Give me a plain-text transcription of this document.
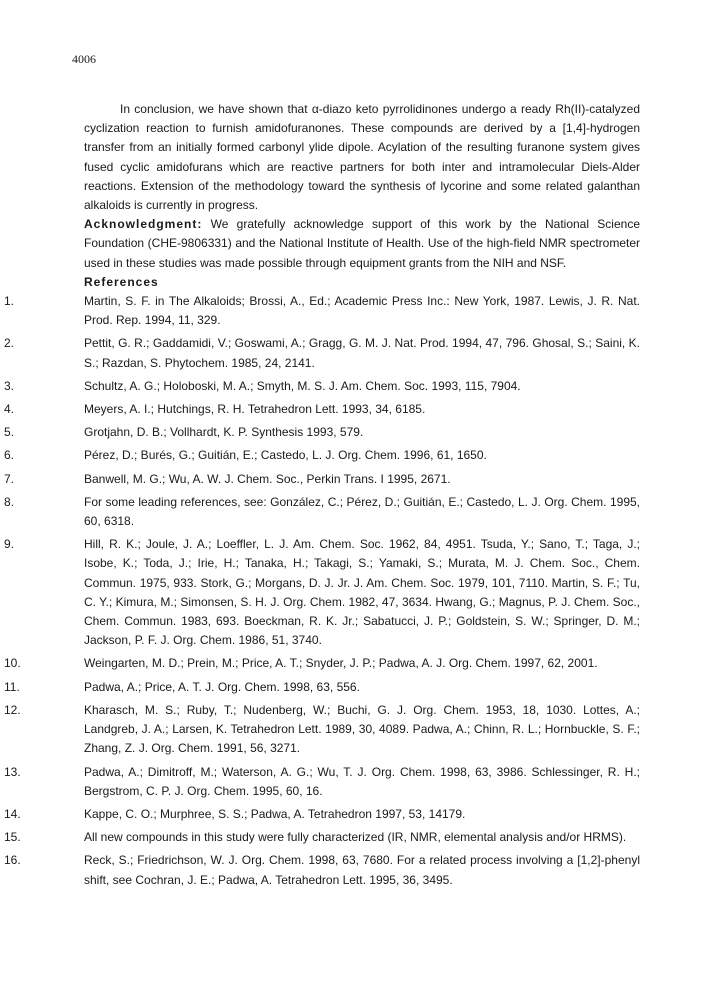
4006

In conclusion, we have shown that α-diazo keto pyrrolidinones undergo a ready Rh(II)-catalyzed cyclization reaction to furnish amidofuranones. These compounds are derived by a [1,4]-hydrogen transfer from an initially formed carbonyl ylide dipole. Acylation of the resulting furanone system gives fused cyclic amidofurans which are reactive partners for both inter and intramolecular Diels-Alder reactions. Extension of the methodology toward the synthesis of lycorine and some related galanthan alkaloids is currently in progress.

Acknowledgment: We gratefully acknowledge support of this work by the National Science Foundation (CHE-9806331) and the National Institute of Health. Use of the high-field NMR spectrometer used in these studies was made possible through equipment grants from the NIH and NSF.

References

1.	Martin, S. F. in The Alkaloids; Brossi, A., Ed.; Academic Press Inc.: New York, 1987. Lewis, J. R. Nat. Prod. Rep. 1994, 11, 329.
2.	Pettit, G. R.; Gaddamidi, V.; Goswami, A.; Gragg, G. M. J. Nat. Prod. 1994, 47, 796. Ghosal, S.; Saini, K. S.; Razdan, S. Phytochem. 1985, 24, 2141.
3.	Schultz, A. G.; Holoboski, M. A.; Smyth, M. S. J. Am. Chem. Soc. 1993, 115, 7904.
4.	Meyers, A. I.; Hutchings, R. H. Tetrahedron Lett. 1993, 34, 6185.
5.	Grotjahn, D. B.; Vollhardt, K. P. Synthesis 1993, 579.
6.	Pérez, D.; Burés, G.; Guitián, E.; Castedo, L. J. Org. Chem. 1996, 61, 1650.
7.	Banwell, M. G.; Wu, A. W. J. Chem. Soc., Perkin Trans. I 1995, 2671.
8.	For some leading references, see: González, C.; Pérez, D.; Guitián, E.; Castedo, L. J. Org. Chem. 1995, 60, 6318.
9.	Hill, R. K.; Joule, J. A.; Loeffler, L. J. Am. Chem. Soc. 1962, 84, 4951. Tsuda, Y.; Sano, T.; Taga, J.; Isobe, K.; Toda, J.; Irie, H.; Tanaka, H.; Takagi, S.; Yamaki, S.; Murata, M. J. Chem. Soc., Chem. Commun. 1975, 933. Stork, G.; Morgans, D. J. Jr. J. Am. Chem. Soc. 1979, 101, 7110. Martin, S. F.; Tu, C. Y.; Kimura, M.; Simonsen, S. H. J. Org. Chem. 1982, 47, 3634. Hwang, G.; Magnus, P. J. Chem. Soc., Chem. Commun. 1983, 693. Boeckman, R. K. Jr.; Sabatucci, J. P.; Goldstein, S. W.; Springer, D. M.; Jackson, P. F. J. Org. Chem. 1986, 51, 3740.
10.	Weingarten, M. D.; Prein, M.; Price, A. T.; Snyder, J. P.; Padwa, A. J. Org. Chem. 1997, 62, 2001.
11.	Padwa, A.; Price, A. T. J. Org. Chem. 1998, 63, 556.
12.	Kharasch, M. S.; Ruby, T.; Nudenberg, W.; Buchi, G. J. Org. Chem. 1953, 18, 1030. Lottes, A.; Landgreb, J. A.; Larsen, K. Tetrahedron Lett. 1989, 30, 4089. Padwa, A.; Chinn, R. L.; Hornbuckle, S. F.; Zhang, Z. J. Org. Chem. 1991, 56, 3271.
13.	Padwa, A.; Dimitroff, M.; Waterson, A. G.; Wu, T. J. Org. Chem. 1998, 63, 3986. Schlessinger, R. H.; Bergstrom, C. P. J. Org. Chem. 1995, 60, 16.
14.	Kappe, C. O.; Murphree, S. S.; Padwa, A. Tetrahedron 1997, 53, 14179.
15.	All new compounds in this study were fully characterized (IR, NMR, elemental analysis and/or HRMS).
16.	Reck, S.; Friedrichson, W. J. Org. Chem. 1998, 63, 7680. For a related process involving a [1,2]-phenyl shift, see Cochran, J. E.; Padwa, A. Tetrahedron Lett. 1995, 36, 3495.
